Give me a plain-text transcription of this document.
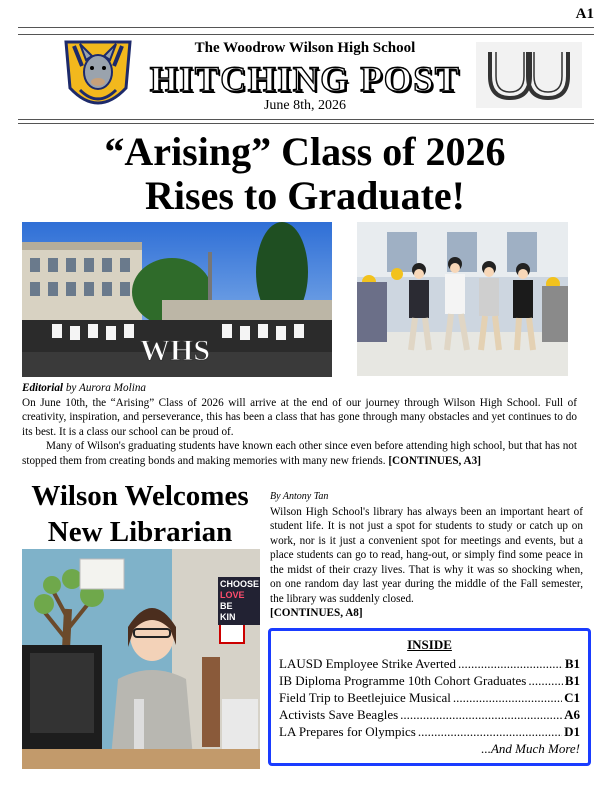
A1
The Woodrow Wilson High School
HITCHING POST
June 8th, 2026
“Arising” Class of 2026
Rises to Graduate!
WHS

Editorial by Aurora Molina

On June 10th, the “Arising” Class of 2026 will arrive at the end of our journey through Wilson High School. Full of creativity, inspiration, and perseverance, this has been a class that has gone through many obstacles and yet continues to do its best. It is a class our school can be proud of.

Many of Wilson's graduating students have known each other since even before attending high school, but that has not stopped them from creating bonds and making memories with many new friends. [CONTINUES, A3]

Wilson Welcomes
New Librarian
CHOOSE
LOVE
BE
KIN

By Antony Tan

Wilson High School's library has always been an important heart of student life. It is not just a spot for students to study or catch up on work, nor is it just a convenient spot for meetings and events, but a place students can go to read, hang-out, or simply find some peace in the midst of their crazy lives. That is why it was so shocking when, on one random day last year during the middle of the Fall semester, the library was suddenly closed.

[CONTINUES, A8]

INSIDE
LAUSD Employee Strike Averted .....	B1
IB Diploma Programme 10th Cohort Graduates .....	B1
Field Trip to Beetlejuice Musical .....	C1
Activists Save Beagles .....	A6
LA Prepares for Olympics .....	D1
...And Much More!
